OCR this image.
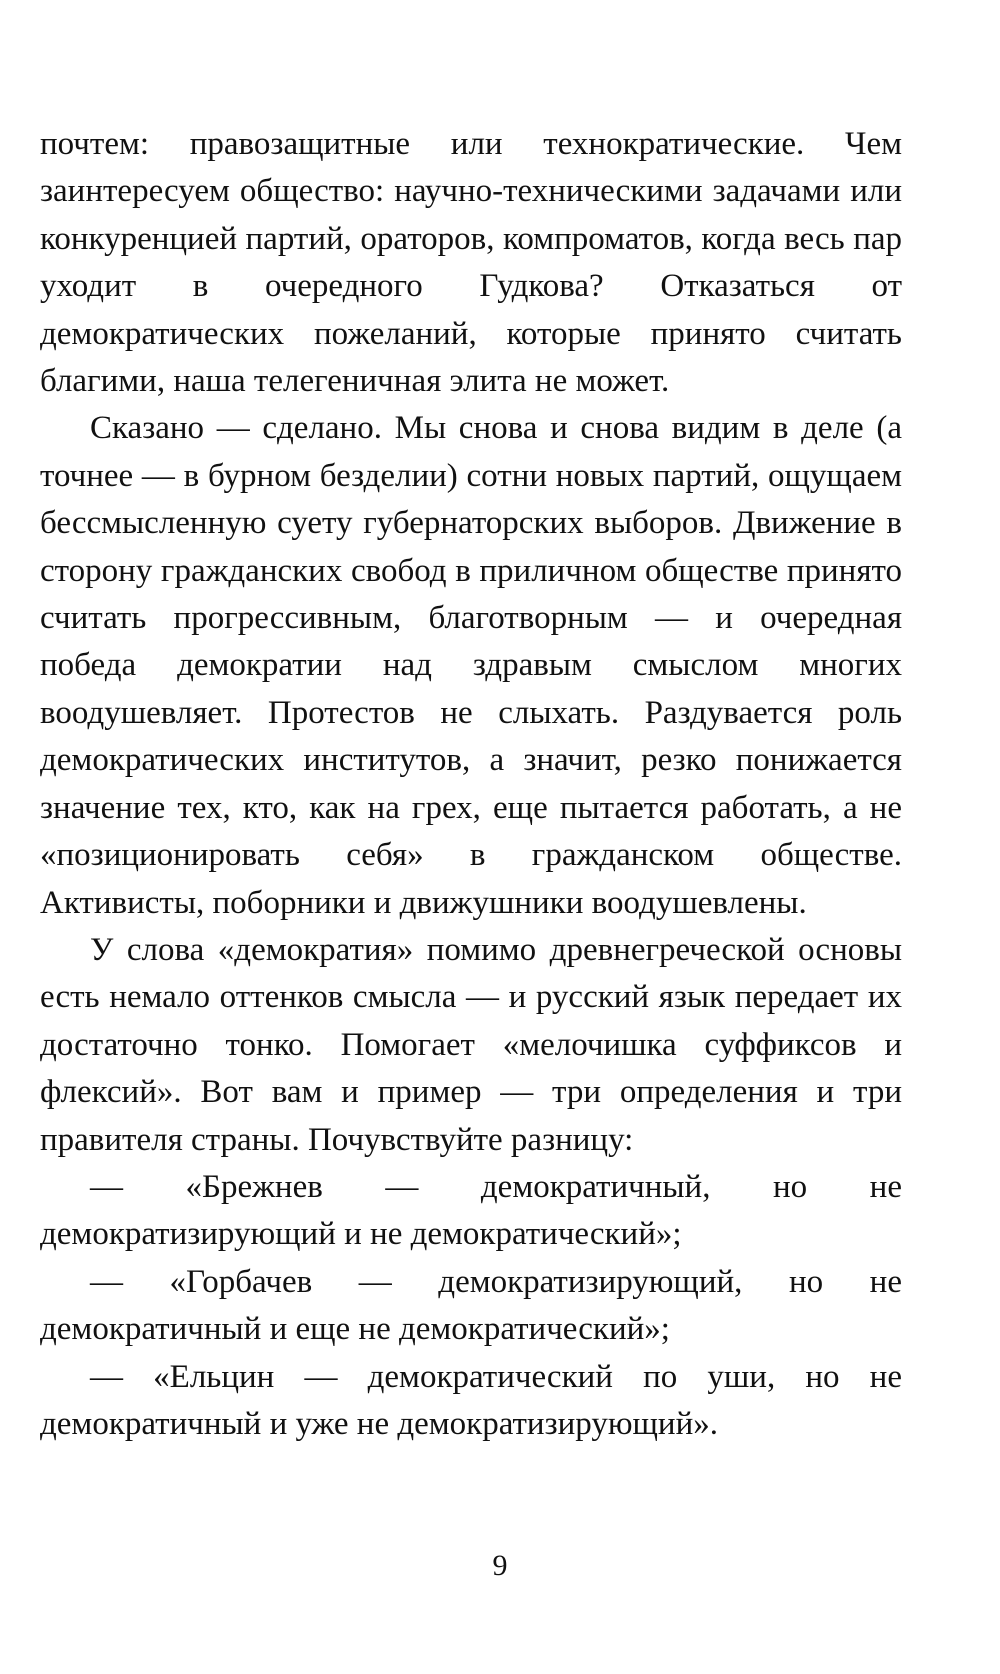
почтем: правозащитные или технократические. Чем заинтересуем общество: научно-техническими задачами или конкуренцией партий, ораторов, компроматов, когда весь пар уходит в очередного Гудкова? Отказаться от демократических пожеланий, которые принято считать благими, наша телегеничная элита не может.

Сказано — сделано. Мы снова и снова видим в деле (а точнее — в бурном безделии) сотни новых партий, ощущаем бессмысленную суету губернаторских выборов. Движение в сторону гражданских свобод в приличном обществе принято считать прогрессивным, благотворным — и очередная победа демократии над здравым смыслом многих воодушевляет. Протестов не слыхать. Раздувается роль демократических институтов, а значит, резко понижается значение тех, кто, как на грех, еще пытается работать, а не «позиционировать себя» в гражданском обществе. Активисты, поборники и движушники воодушевлены.

У слова «демократия» помимо древнегреческой основы есть немало оттенков смысла — и русский язык передает их достаточно тонко. Помогает «мелочишка суффиксов и флексий». Вот вам и пример — три определения и три правителя страны. Почувствуйте разницу:

— «Брежнев — демократичный, но не демократизирующий и не демократический»;

— «Горбачев — демократизирующий, но не демократичный и еще не демократический»;

— «Ельцин — демократический по уши, но не демократичный и уже не демократизирующий».

9
